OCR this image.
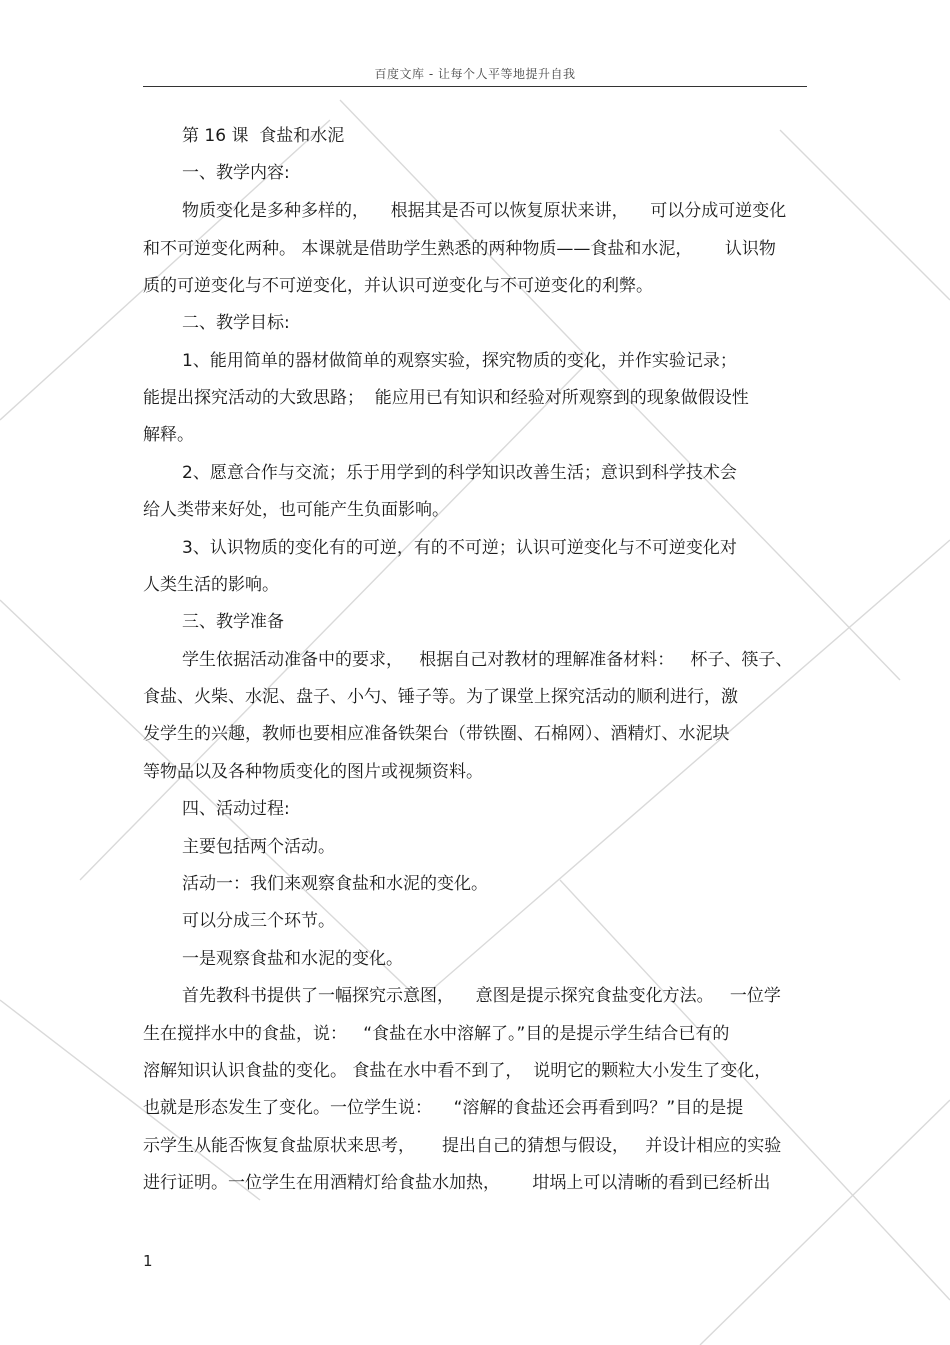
百度文库 - 让每个人平等地提升自我
第 16 课  食盐和水泥
一、教学内容:
物质变化是多种多样的，    根据其是否可以恢复原状来讲，    可以分成可逆变化
和不可逆变化两种。 本课就是借助学生熟悉的两种物质——食盐和水泥，      认识物
质的可逆变化与不可逆变化，并认识可逆变化与不可逆变化的利弊。
二、教学目标:
1、能用简单的器材做简单的观察实验，探究物质的变化，并作实验记录；
能提出探究活动的大致思路；  能应用已有知识和经验对所观察到的现象做假设性
解释。
2、愿意合作与交流；乐于用学到的科学知识改善生活；意识到科学技术会
给人类带来好处，也可能产生负面影响。
3、认识物质的变化有的可逆，有的不可逆；认识可逆变化与不可逆变化对
人类生活的影响。
三、教学准备
学生依据活动准备中的要求，   根据自己对教材的理解准备材料：   杯子、筷子、
食盐、火柴、水泥、盘子、小勺、锤子等。为了课堂上探究活动的顺利进行，激
发学生的兴趣，教师也要相应准备铁架台（带铁圈、石棉网）、酒精灯、水泥块
等物品以及各种物质变化的图片或视频资料。
四、活动过程:
主要包括两个活动。
活动一：我们来观察食盐和水泥的变化。
可以分成三个环节。
一是观察食盐和水泥的变化。
首先教科书提供了一幅探究示意图，    意图是提示探究食盐变化方法。   一位学
生在搅拌水中的食盐，说：   “食盐在水中溶解了。”目的是提示学生结合已有的
溶解知识认识食盐的变化。 食盐在水中看不到了，  说明它的颗粒大小发生了变化，
也就是形态发生了变化。一位学生说：    “溶解的食盐还会再看到吗？”目的是提
示学生从能否恢复食盐原状来思考，     提出自己的猜想与假设，   并设计相应的实验
进行证明。一位学生在用酒精灯给食盐水加热，      坩埚上可以清晰的看到已经析出
1
